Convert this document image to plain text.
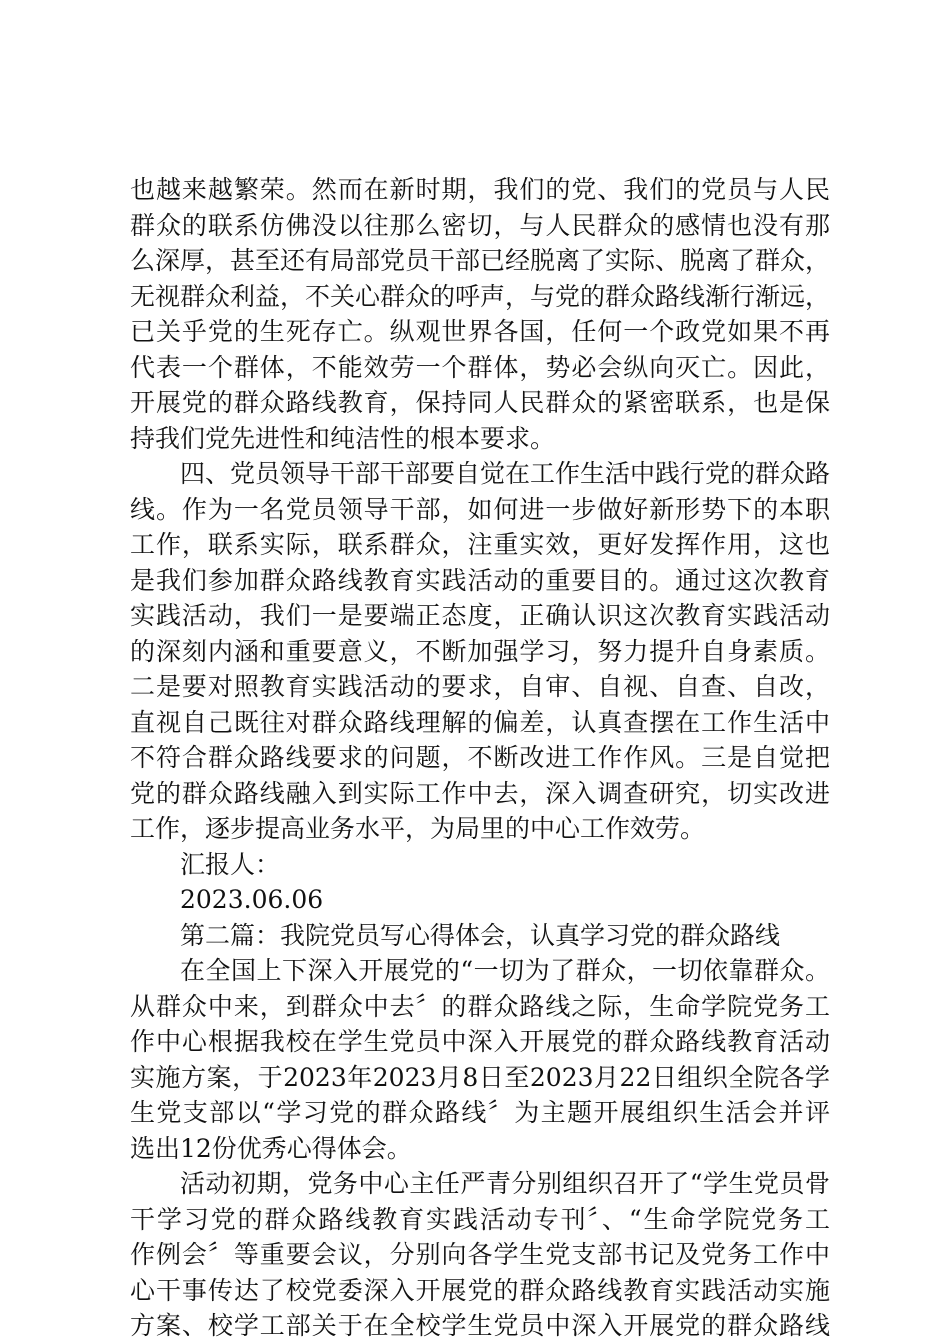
也越来越繁荣。然而在新时期，我们的党、我们的党员与人民
群众的联系仿佛没以往那么密切，与人民群众的感情也没有那
么深厚，甚至还有局部党员干部已经脱离了实际、脱离了群众，
无视群众利益，不关心群众的呼声，与党的群众路线渐行渐远，
已关乎党的生死存亡。纵观世界各国，任何一个政党如果不再
代表一个群体，不能效劳一个群体，势必会纵向灭亡。因此，
开展党的群众路线教育，保持同人民群众的紧密联系，也是保
持我们党先进性和纯洁性的根本要求。
四、党员领导干部干部要自觉在工作生活中践行党的群众路
线。作为一名党员领导干部，如何进一步做好新形势下的本职
工作，联系实际，联系群众，注重实效，更好发挥作用，这也
是我们参加群众路线教育实践活动的重要目的。通过这次教育
实践活动，我们一是要端正态度，正确认识这次教育实践活动
的深刻内涵和重要意义，不断加强学习，努力提升自身素质。
二是要对照教育实践活动的要求，自审、自视、自查、自改，
直视自己既往对群众路线理解的偏差，认真查摆在工作生活中
不符合群众路线要求的问题，不断改进工作作风。三是自觉把
党的群众路线融入到实际工作中去，深入调查研究，切实改进
工作，逐步提高业务水平，为局里的中心工作效劳。
汇报人：
2023.06.06
第二篇：我院党员写心得体会，认真学习党的群众路线
在全国上下深入开展党的“一切为了群众，一切依靠群众。
从群众中来，到群众中去〞的群众路线之际，生命学院党务工
作中心根据我校在学生党员中深入开展党的群众路线教育活动
实施方案，于2023年2023月8日至2023月22日组织全院各学
生党支部以“学习党的群众路线〞为主题开展组织生活会并评
选出12份优秀心得体会。
活动初期，党务中心主任严青分别组织召开了“学生党员骨
干学习党的群众路线教育实践活动专刊〞、“生命学院党务工
作例会〞等重要会议，分别向各学生党支部书记及党务工作中
心干事传达了校党委深入开展党的群众路线教育实践活动实施
方案、校学工部关于在全校学生党员中深入开展党的群众路线
